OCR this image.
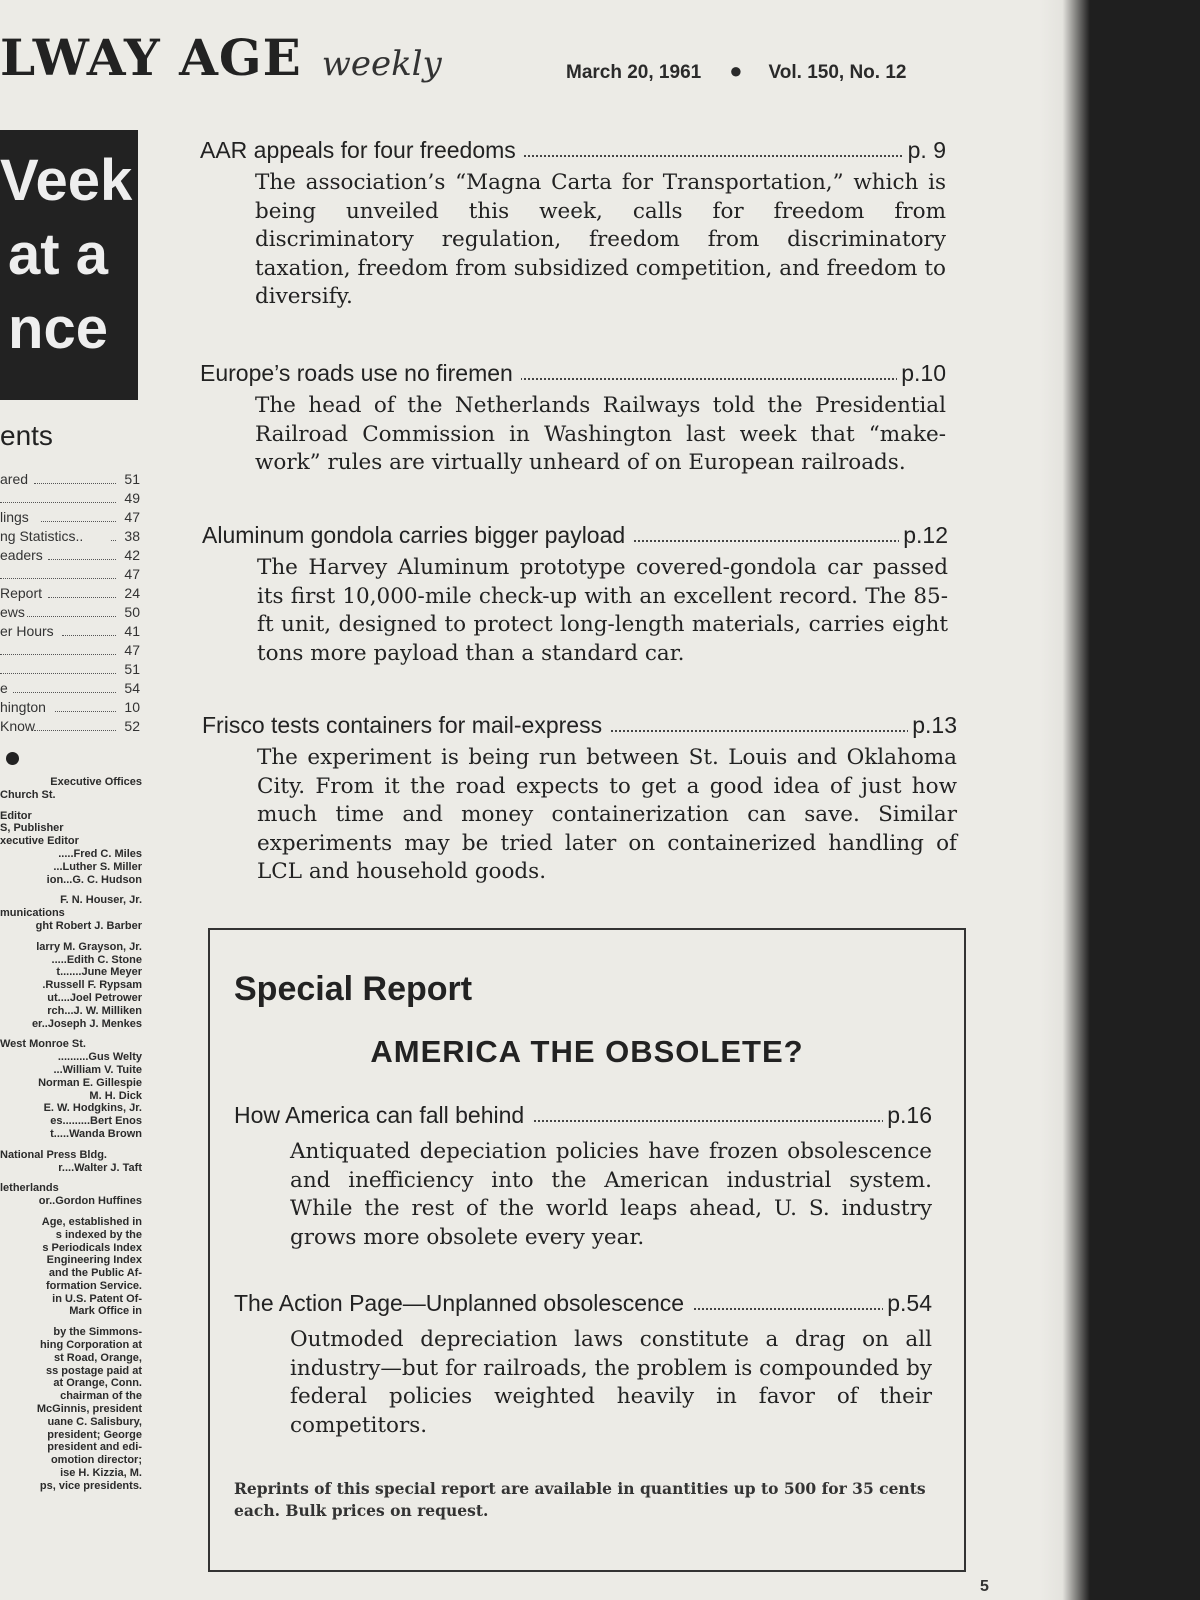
LWAY AGE weekly	March 20, 1961 ● Vol. 150, No. 12
Veek
at a
nce
ents
ared	51
49
lings	47
ng Statistics..	38
eaders	42
47
Report	24
ews	50
er Hours	41
47
51
e	54
hington	10
Know	52
Executive Offices
Church St.
Editor
S, Publisher
xecutive Editor
.....Fred C. Miles
...Luther S. Miller
ion...G. C. Hudson
F. N. Houser, Jr.
munications
ght Robert J. Barber
larry M. Grayson, Jr.
.....Edith C. Stone
t.......June Meyer
.Russell F. Rypsam
ut....Joel Petrower
rch...J. W. Milliken
er..Joseph J. Menkes
West Monroe St.
..........Gus Welty
...William V. Tuite
Norman E. Gillespie
M. H. Dick
E. W. Hodgkins, Jr.
es.........Bert Enos
t.....Wanda Brown
National Press Bldg.
r....Walter J. Taft
letherlands
or..Gordon Huffines
Age, established in
s indexed by the
s Periodicals Index
Engineering Index
and the Public Af-
formation Service.
in U.S. Patent Of-
Mark Office in
by the Simmons-
hing Corporation at
st Road, Orange,
ss postage paid at
at Orange, Conn.
chairman of the
McGinnis, president
uane C. Salisbury,
president; George
president and edi-
omotion director;
ise H. Kizzia, M.
ps, vice presidents.
AAR appeals for four freedoms	p. 9
The association’s “Magna Carta for Transportation,” which is being unveiled this week, calls for freedom from discriminatory regulation, freedom from discriminatory taxation, freedom from subsidized competition, and freedom to diversify.
Europe’s roads use no firemen	p.10
The head of the Netherlands Railways told the Presidential Railroad Commission in Washington last week that “make-work” rules are virtually unheard of on European railroads.
Aluminum gondola carries bigger payload	p.12
The Harvey Aluminum prototype covered-gondola car passed its first 10,000-mile check-up with an excellent record. The 85-ft unit, designed to protect long-length materials, carries eight tons more payload than a standard car.
Frisco tests containers for mail-express	p.13
The experiment is being run between St. Louis and Oklahoma City. From it the road expects to get a good idea of just how much time and money containerization can save. Similar experiments may be tried later on containerized handling of LCL and household goods.
Special Report
AMERICA THE OBSOLETE?
How America can fall behind	p.16
Antiquated depeciation policies have frozen obsolescence and inefficiency into the American industrial system. While the rest of the world leaps ahead, U. S. industry grows more obsolete every year.
The Action Page—Unplanned obsolescence	p.54
Outmoded depreciation laws constitute a drag on all industry—but for railroads, the problem is compounded by federal policies weighted heavily in favor of their competitors.
Reprints of this special report are available in quantities up to 500 for 35 cents each. Bulk prices on request.
5
